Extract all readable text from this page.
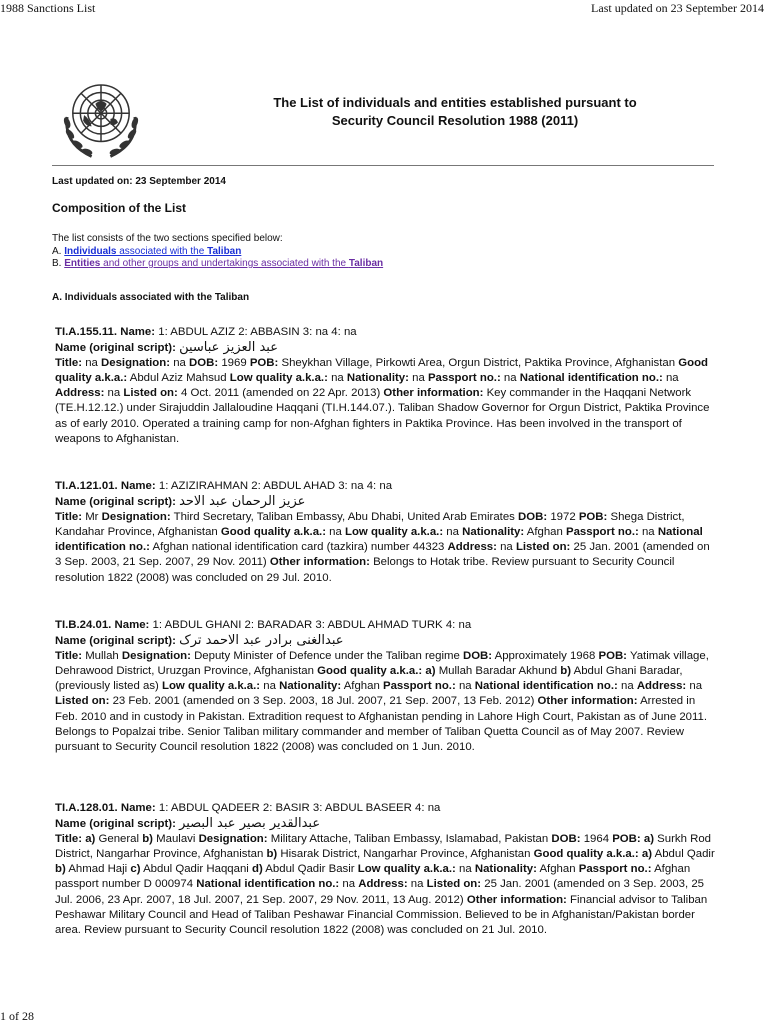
1988 Sanctions List	Last updated on 23 September 2014
The List of individuals and entities established pursuant to
Security Council Resolution 1988 (2011)
Last updated on: 23 September 2014
Composition of the List
The list consists of the two sections specified below:
A. Individuals associated with the Taliban
B. Entities and other groups and undertakings associated with the Taliban
A. Individuals associated with the Taliban
TI.A.155.11. Name: 1: ABDUL AZIZ 2: ABBASIN 3: na 4: na
Name (original script): عبد العزیز عباسین
Title: na Designation: na DOB: 1969 POB: Sheykhan Village, Pirkowti Area, Orgun District, Paktika Province, Afghanistan Good quality a.k.a.: Abdul Aziz Mahsud Low quality a.k.a.: na Nationality: na Passport no.: na National identification no.: na Address: na Listed on: 4 Oct. 2011 (amended on 22 Apr. 2013) Other information: Key commander in the Haqqani Network (TE.H.12.12.) under Sirajuddin Jallaloudine Haqqani (TI.H.144.07.). Taliban Shadow Governor for Orgun District, Paktika Province as of early 2010. Operated a training camp for non-Afghan fighters in Paktika Province. Has been involved in the transport of weapons to Afghanistan.
TI.A.121.01. Name: 1: AZIZIRAHMAN 2: ABDUL AHAD 3: na 4: na
Name (original script): عزیز الرحمان عبد الاحد
Title: Mr Designation: Third Secretary, Taliban Embassy, Abu Dhabi, United Arab Emirates DOB: 1972 POB: Shega District, Kandahar Province, Afghanistan Good quality a.k.a.: na Low quality a.k.a.: na Nationality: Afghan Passport no.: na National identification no.: Afghan national identification card (tazkira) number 44323 Address: na Listed on: 25 Jan. 2001 (amended on 3 Sep. 2003, 21 Sep. 2007, 29 Nov. 2011) Other information: Belongs to Hotak tribe. Review pursuant to Security Council resolution 1822 (2008) was concluded on 29 Jul. 2010.
TI.B.24.01. Name: 1: ABDUL GHANI 2: BARADAR 3: ABDUL AHMAD TURK 4: na
Name (original script): عبدالغنی برادر عبد الاحمد ترک
Title: Mullah Designation: Deputy Minister of Defence under the Taliban regime DOB: Approximately 1968 POB: Yatimak village, Dehrawood District, Uruzgan Province, Afghanistan Good quality a.k.a.: a) Mullah Baradar Akhund b) Abdul Ghani Baradar, (previously listed as) Low quality a.k.a.: na Nationality: Afghan Passport no.: na National identification no.: na Address: na Listed on: 23 Feb. 2001 (amended on 3 Sep. 2003, 18 Jul. 2007, 21 Sep. 2007, 13 Feb. 2012) Other information: Arrested in Feb. 2010 and in custody in Pakistan. Extradition request to Afghanistan pending in Lahore High Court, Pakistan as of June 2011. Belongs to Popalzai tribe. Senior Taliban military commander and member of Taliban Quetta Council as of May 2007. Review pursuant to Security Council resolution 1822 (2008) was concluded on 1 Jun. 2010.
TI.A.128.01. Name: 1: ABDUL QADEER 2: BASIR 3: ABDUL BASEER 4: na
Name (original script): عبدالقدیر بصیر عبد البصیر
Title: a) General b) Maulavi Designation: Military Attache, Taliban Embassy, Islamabad, Pakistan DOB: 1964 POB: a) Surkh Rod District, Nangarhar Province, Afghanistan b) Hisarak District, Nangarhar Province, Afghanistan Good quality a.k.a.: a) Abdul Qadir b) Ahmad Haji c) Abdul Qadir Haqqani d) Abdul Qadir Basir Low quality a.k.a.: na Nationality: Afghan Passport no.: Afghan passport number D 000974 National identification no.: na Address: na Listed on: 25 Jan. 2001 (amended on 3 Sep. 2003, 25 Jul. 2006, 23 Apr. 2007, 18 Jul. 2007, 21 Sep. 2007, 29 Nov. 2011, 13 Aug. 2012) Other information: Financial advisor to Taliban Peshawar Military Council and Head of Taliban Peshawar Financial Commission. Believed to be in Afghanistan/Pakistan border area. Review pursuant to Security Council resolution 1822 (2008) was concluded on 21 Jul. 2010.
1 of 28
